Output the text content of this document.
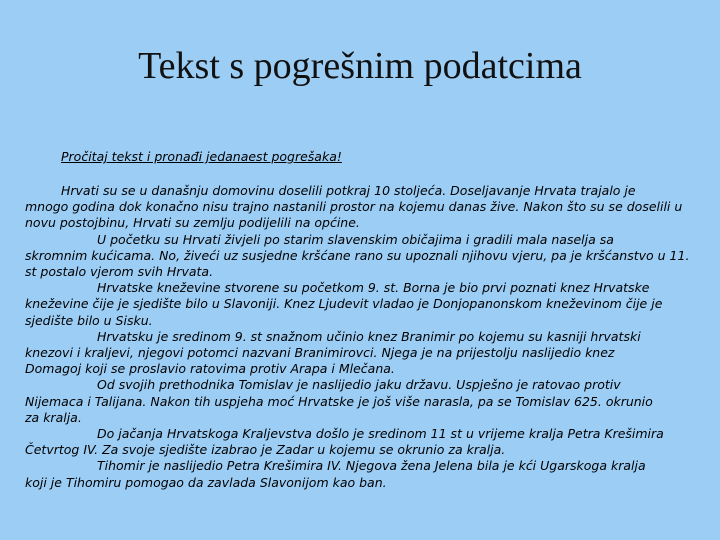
Tekst s pogrešnim podatcima

Pročitaj tekst i pronađi jedanaest pogrešaka!

Hrvati su se u današnju domovinu doselili potkraj 10 stoljeća. Doseljavanje Hrvata trajalo je
mnogo godina dok konačno nisu trajno nastanili prostor na kojemu danas žive. Nakon što su se doselili u
novu postojbinu, Hrvati su zemlju podijelili na općine.

U početku su Hrvati živjeli po starim slavenskim običajima i gradili mala naselja sa
skromnim kućicama. No, živeći uz susjedne kršćane rano su upoznali njihovu vjeru, pa je kršćanstvo u 11.
st postalo vjerom svih Hrvata.

Hrvatske kneževine stvorene su početkom 9. st. Borna je bio prvi poznati knez Hrvatske
kneževine čije je sjedište bilo u Slavoniji. Knez Ljudevit vladao je Donjopanonskom kneževinom čije je
sjedište bilo u Sisku.

Hrvatsku je sredinom 9. st snažnom učinio knez Branimir po kojemu su kasniji hrvatski
knezovi i kraljevi, njegovi potomci nazvani Branimirovci. Njega je na prijestolju naslijedio knez
Domagoj koji se proslavio ratovima protiv Arapa i Mlečana.

Od svojih prethodnika Tomislav je naslijedio jaku državu. Uspješno je ratovao protiv
Nijemaca i Talijana. Nakon tih uspjeha moć Hrvatske je još više narasla, pa se Tomislav 625. okrunio
za kralja.

Do jačanja Hrvatskoga Kraljevstva došlo je sredinom 11 st u vrijeme kralja Petra Krešimira
Četvrtog IV. Za svoje sjedište izabrao je Zadar u kojemu se okrunio za kralja.

Tihomir je naslijedio Petra Krešimira IV. Njegova žena Jelena bila je kći Ugarskoga kralja
koji je Tihomiru pomogao da zavlada Slavonijom kao ban.
